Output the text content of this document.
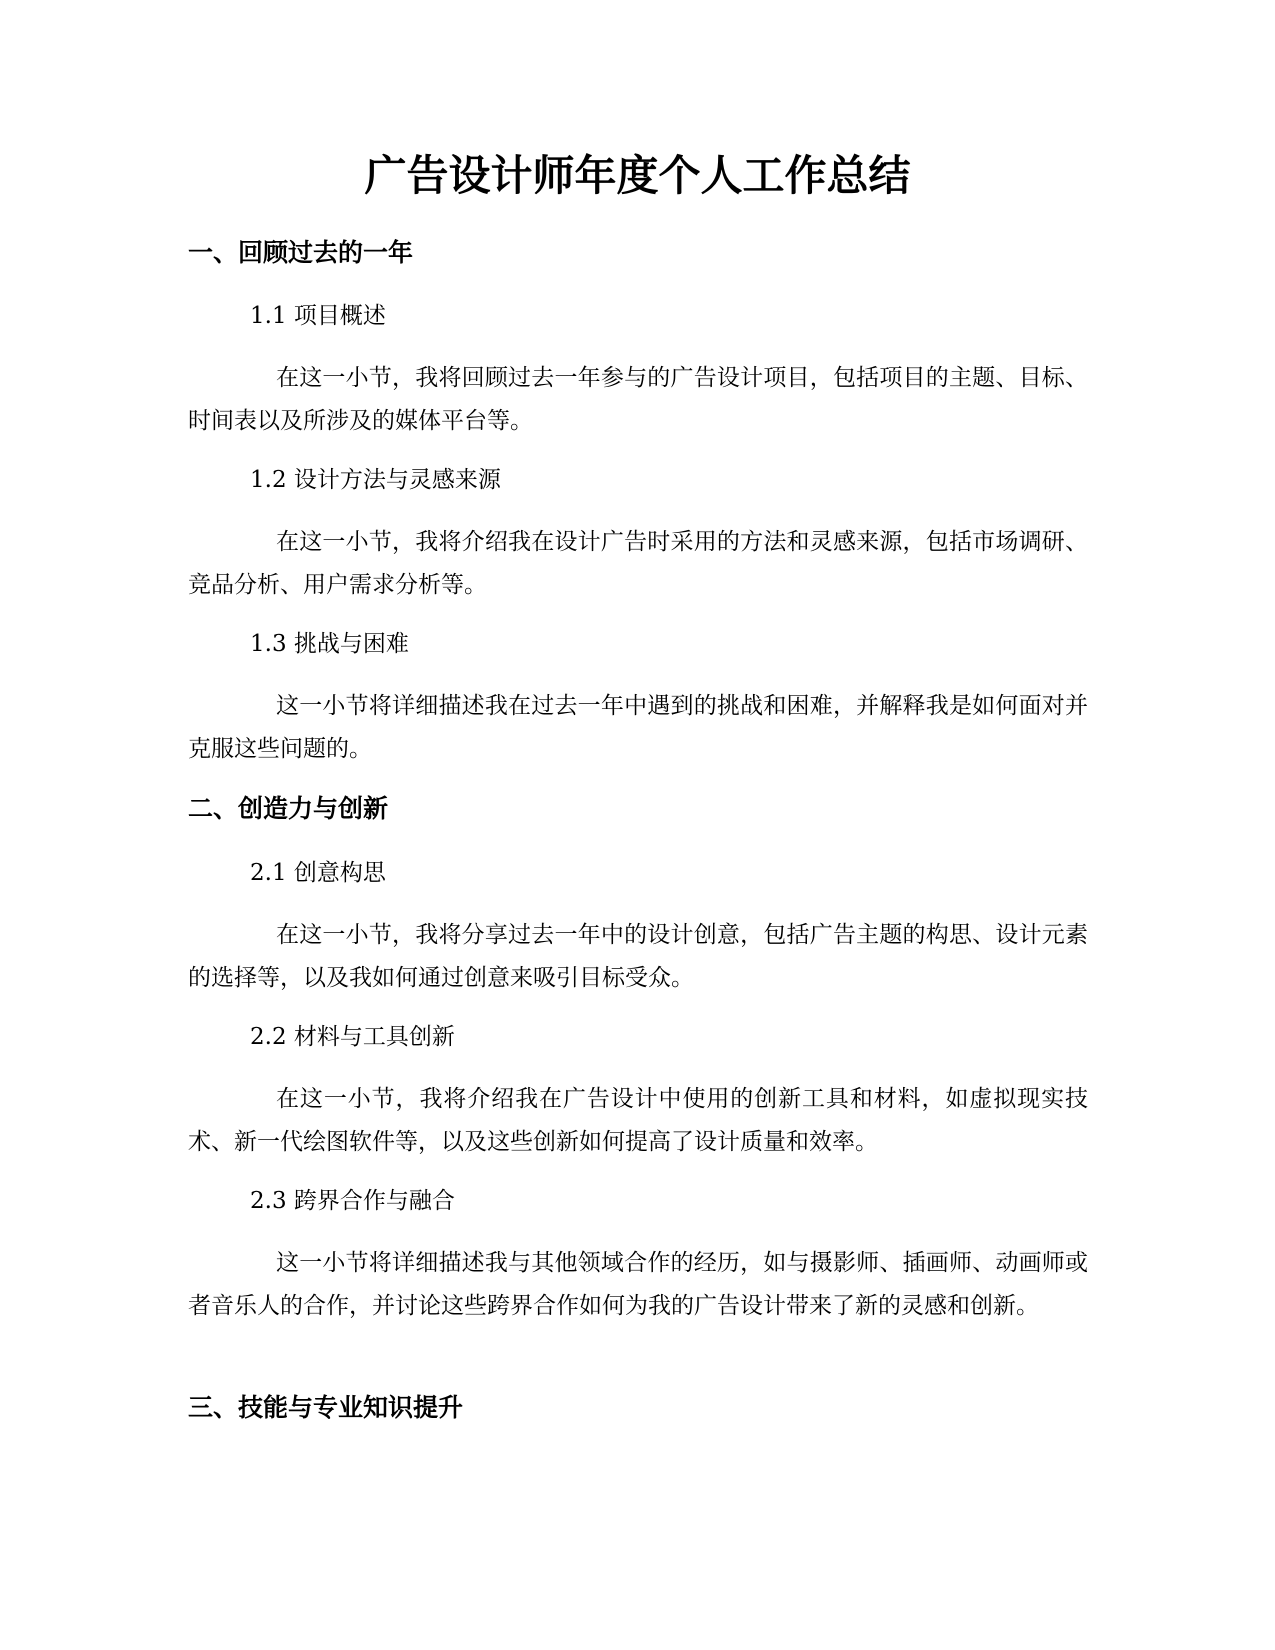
广告设计师年度个人工作总结
一、回顾过去的一年
1.1 项目概述

在这一小节，我将回顾过去一年参与的广告设计项目，包括项目的主题、目标、时间表以及所涉及的媒体平台等。

1.2 设计方法与灵感来源

在这一小节，我将介绍我在设计广告时采用的方法和灵感来源，包括市场调研、竞品分析、用户需求分析等。

1.3 挑战与困难

这一小节将详细描述我在过去一年中遇到的挑战和困难，并解释我是如何面对并克服这些问题的。

二、创造力与创新
2.1 创意构思

在这一小节，我将分享过去一年中的设计创意，包括广告主题的构思、设计元素的选择等，以及我如何通过创意来吸引目标受众。

2.2 材料与工具创新

在这一小节，我将介绍我在广告设计中使用的创新工具和材料，如虚拟现实技术、新一代绘图软件等，以及这些创新如何提高了设计质量和效率。

2.3 跨界合作与融合

这一小节将详细描述我与其他领域合作的经历，如与摄影师、插画师、动画师或者音乐人的合作，并讨论这些跨界合作如何为我的广告设计带来了新的灵感和创新。

三、技能与专业知识提升
